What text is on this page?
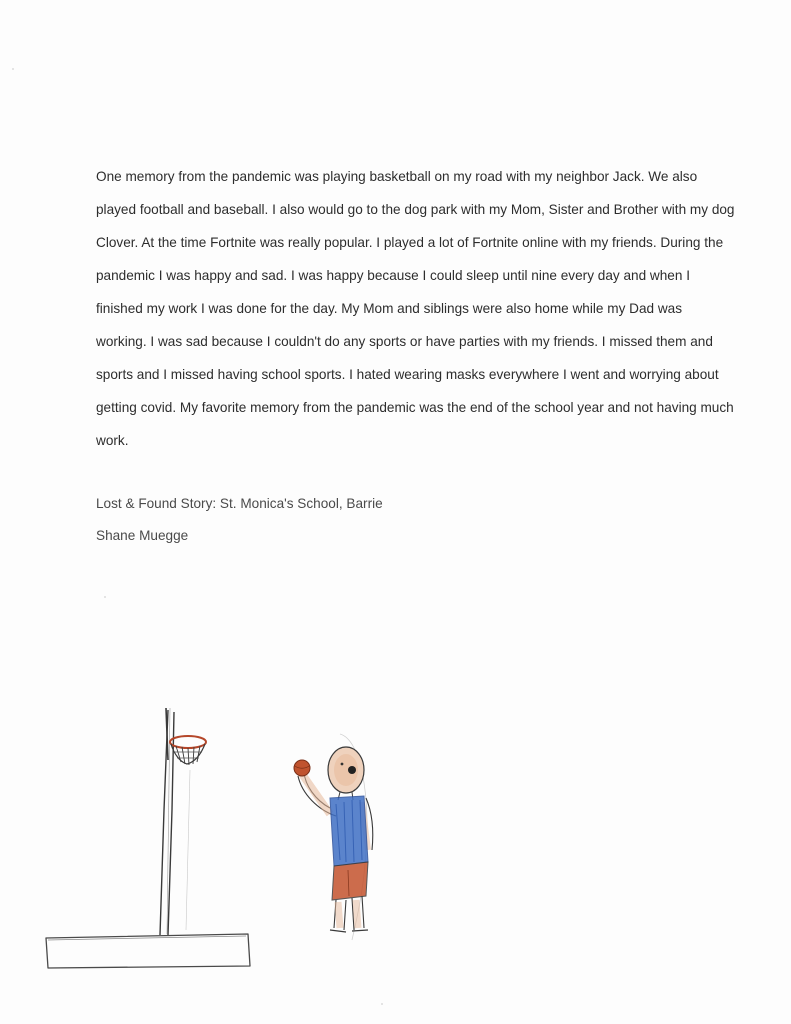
One memory from the pandemic was playing basketball on my road with my neighbor Jack. We also played football and baseball. I also would go to the dog park with my Mom, Sister and Brother with my dog Clover. At the time Fortnite was really popular. I played a lot of Fortnite online with my friends. During the pandemic I was happy and sad. I was happy because I could sleep until nine every day and when I finished my work I was done for the day. My Mom and siblings were also home while my Dad was working. I was sad because I couldn't do any sports or have parties with my friends. I missed them and sports and I missed having school sports. I hated wearing masks everywhere I went and worrying about getting covid. My favorite memory from the pandemic was the end of the school year and not having much work.

Lost & Found Story: St. Monica's School, Barrie
Shane Muegge
